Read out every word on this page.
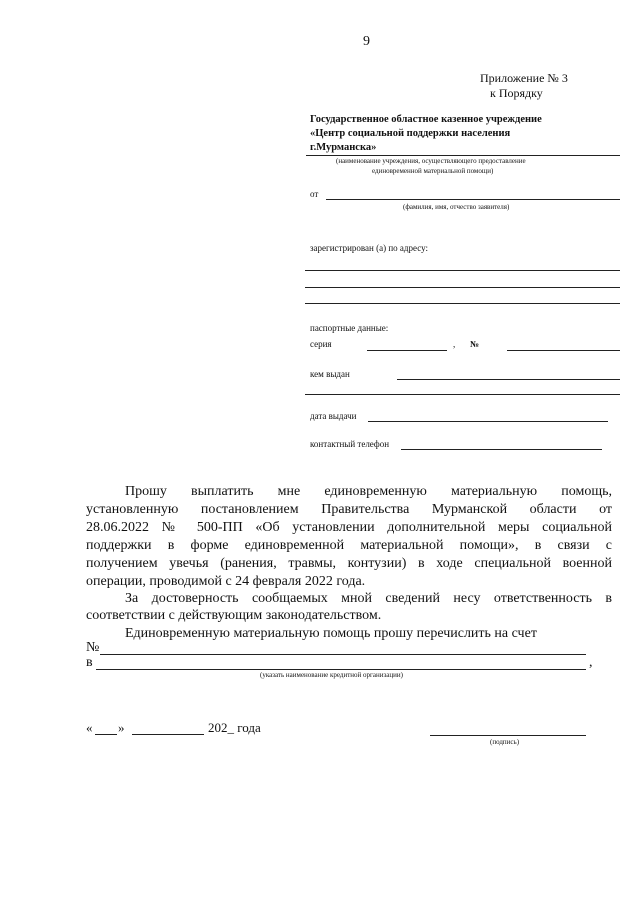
9
Приложение № 3
к Порядку
Государственное областное казенное учреждение
«Центр социальной поддержки населения
г.Мурманска»
(наименование учреждения, осуществляющего предоставление
единовременной материальной помощи)
от
(фамилия, имя, отчество заявителя)
зарегистрирован (а) по адресу:
паспортные данные:
серия	, №
кем выдан
дата выдачи
контактный телефон
Прошу выплатить мне единовременную материальную помощь,
установленную постановлением Правительства Мурманской области от
28.06.2022 № 500-ПП «Об установлении дополнительной меры социальной
поддержки в форме единовременной материальной помощи», в связи с
получением увечья (ранения, травмы, контузии) в ходе специальной военной
операции, проводимой с 24 февраля 2022 года.
За достоверность сообщаемых мной сведений несу ответственность в
соответствии с действующим законодательством.
Единовременную материальную помощь прошу перечислить на счет
№
в	,
(указать наименование кредитной организации)
« »	202_ года
(подпись)
